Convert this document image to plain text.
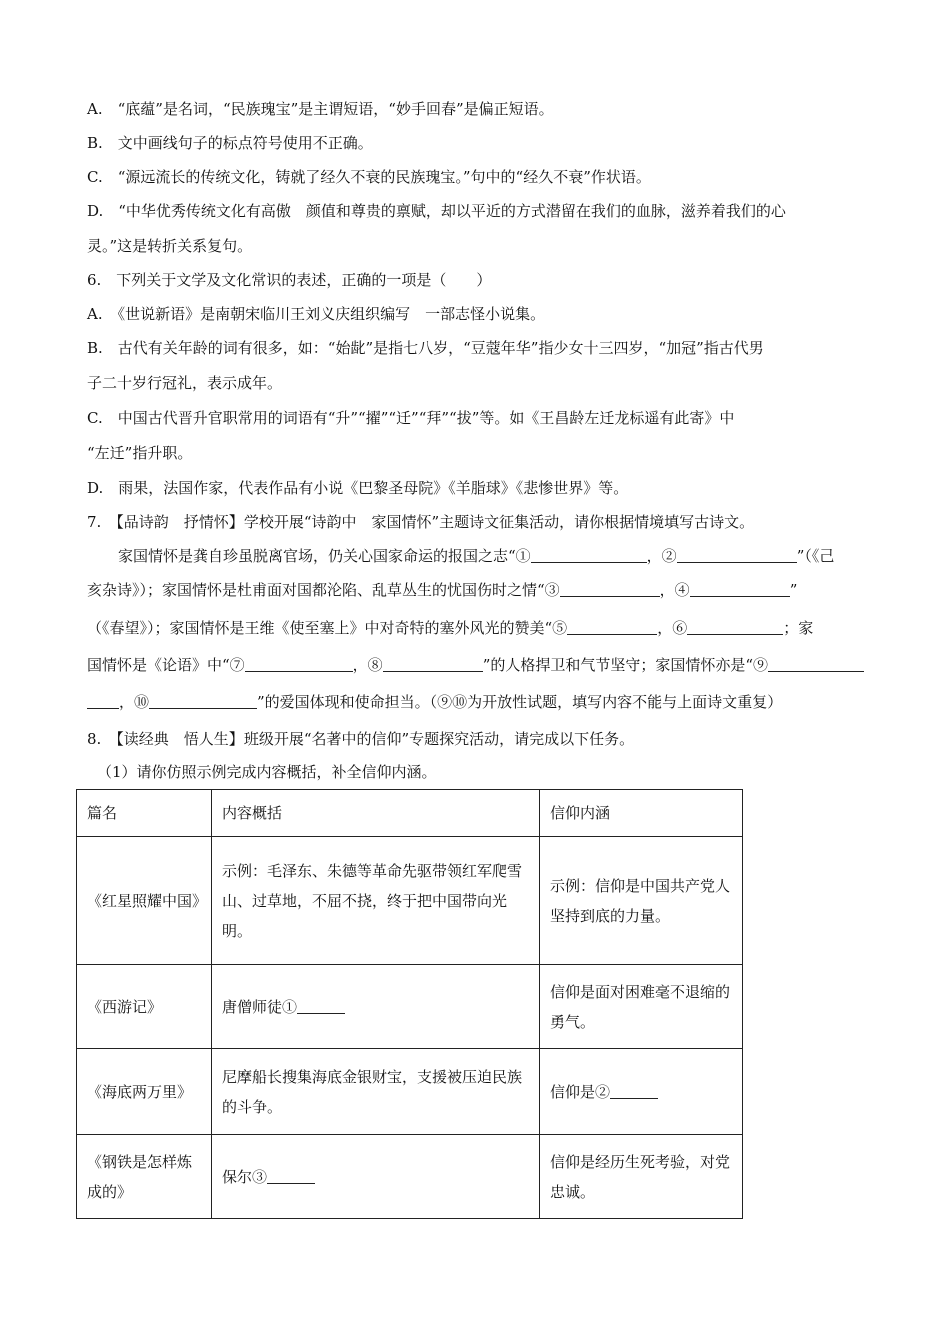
A.　“底蕴”是名词，“民族瑰宝”是主谓短语，“妙手回春”是偏正短语。
B.　文中画线句子的标点符号使用不正确。
C.　“源远流长的传统文化，铸就了经久不衰的民族瑰宝。”句中的“经久不衰”作状语。
D.　“中华优秀传统文化有高傲　颜值和尊贵的禀赋，却以平近的方式潜留在我们的血脉，滋养着我们的心
灵。”这是转折关系复句。
6.　下列关于文学及文化常识的表述，正确的一项是（　　）
A.　《世说新语》是南朝宋临川王刘义庆组织编写　一部志怪小说集。
B.　古代有关年龄的词有很多，如：“始龀”是指七八岁，“豆蔻年华”指少女十三四岁，“加冠”指古代男
子二十岁行冠礼，表示成年。
C.　中国古代晋升官职常用的词语有“升”“擢”“迁”“拜”“拔”等。如《王昌龄左迁龙标遥有此寄》中
“左迁”指升职。
D.　雨果，法国作家，代表作品有小说《巴黎圣母院》《羊脂球》《悲惨世界》等。
7.　【品诗韵　抒情怀】学校开展“诗韵中　家国情怀”主题诗文征集活动，请你根据情境填写古诗文。
家国情怀是龚自珍虽脱离官场，仍关心国家命运的报国之志“①	，②	”（《己
亥杂诗》）；家国情怀是杜甫面对国都沦陷、乱草丛生的忧国伤时之情“③	，④	”
（《春望》）；家国情怀是王维《使至塞上》中对奇特的塞外风光的赞美“⑤	，⑥	；家
国情怀是《论语》中“⑦	，⑧	”的人格捍卫和气节坚守；家国情怀亦是“⑨
，⑩	”的爱国体现和使命担当。（⑨⑩为开放性试题，填写内容不能与上面诗文重复）
8.　【读经典　悟人生】班级开展“名著中的信仰”专题探究活动，请完成以下任务。
（1）请你仿照示例完成内容概括，补全信仰内涵。
篇名	内容概括	信仰内涵
《红星照耀中国》	示例：毛泽东、朱德等革命先驱带领红军爬雪山、过草地，不屈不挠，终于把中国带向光明。	示例：信仰是中国共产党人坚持到底的力量。
《西游记》	唐僧师徒①	信仰是面对困难毫不退缩的勇气。
《海底两万里》	尼摩船长搜集海底金银财宝，支援被压迫民族的斗争。	信仰是②
《钢铁是怎样炼成的》	保尔③	信仰是经历生死考验，对党忠诚。
